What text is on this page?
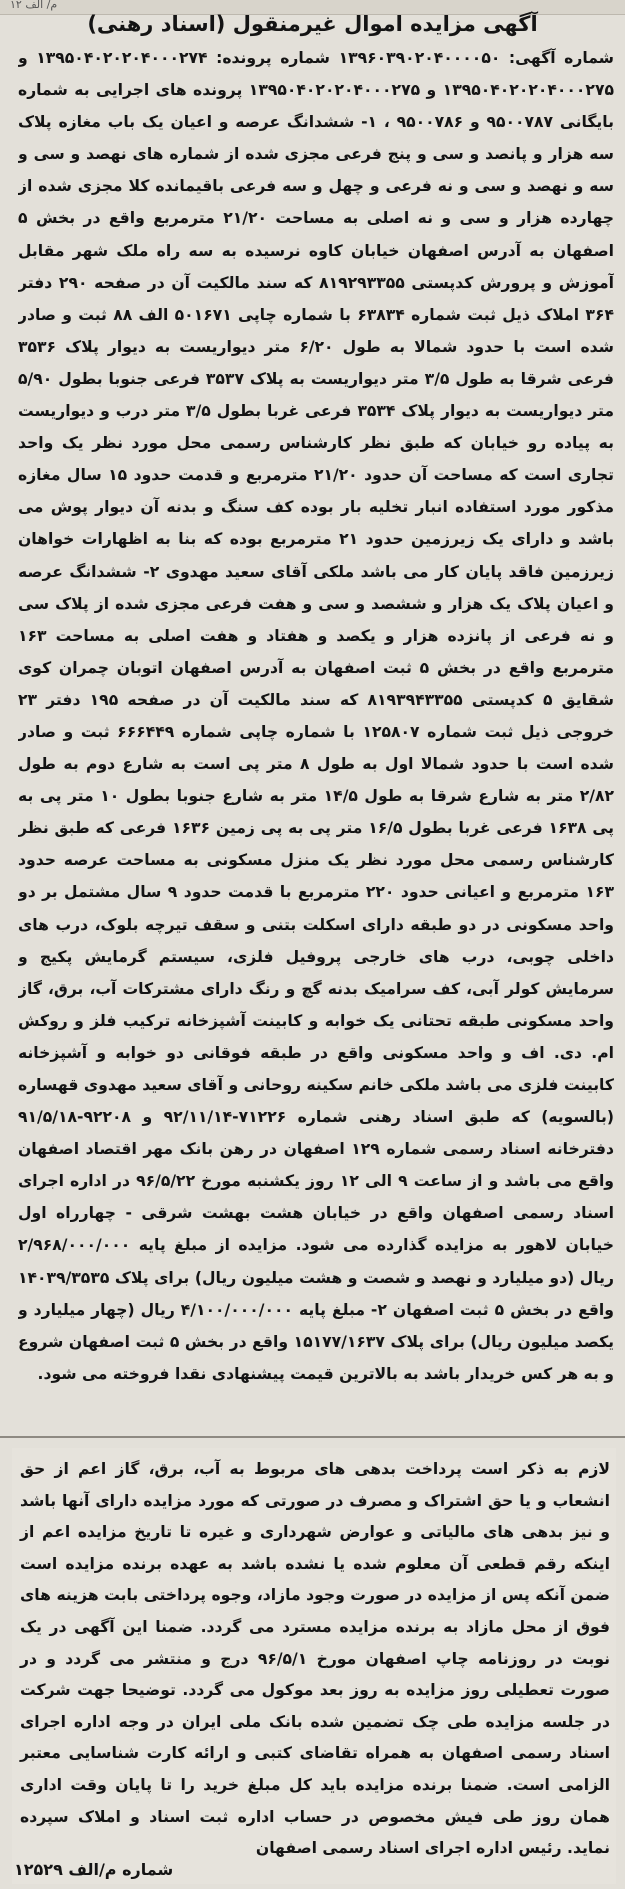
م/ الف ۱۲
آگهی مزایده اموال غیرمنقول (اسناد رهنی)

شماره آگهی: ۱۳۹۶۰۳۹۰۲۰۴۰۰۰۰۵۰ شماره پرونده: ۱۳۹۵۰۴۰۲۰۲۰۴۰۰۰۲۷۴ و ۱۳۹۵۰۴۰۲۰۲۰۴۰۰۰۲۷۵ و ۱۳۹۵۰۴۰۲۰۲۰۴۰۰۰۲۷۵ پرونده های اجرایی به شماره بایگانی ۹۵۰۰۷۸۷ و ۹۵۰۰۷۸۶ ، ۱- ششدانگ عرصه و اعیان یک باب مغازه پلاک سه هزار و پانصد و سی و پنج فرعی مجزی شده از شماره های نهصد و سی و سه و نهصد و سی و نه فرعی و چهل و سه فرعی باقیمانده کلا مجزی شده از چهارده هزار و سی و نه اصلی به مساحت ۲۱/۲۰ مترمربع واقع در بخش ۵ اصفهان به آدرس اصفهان خیابان کاوه نرسیده به سه راه ملک شهر مقابل آموزش و پرورش کدپستی ۸۱۹۲۹۳۳۵۵ که سند مالکیت آن در صفحه ۲۹۰ دفتر ۳۶۴ املاک ذیل ثبت شماره ۶۳۸۳۴ با شماره چاپی ۵۰۱۶۷۱ الف ۸۸ ثبت و صادر شده است با حدود شمالا به طول ۶/۲۰ متر دیواریست به دیوار پلاک ۳۵۳۶ فرعی شرقا به طول ۳/۵ متر دیواریست به پلاک ۳۵۳۷ فرعی جنوبا بطول ۵/۹۰ متر دیواریست به دیوار پلاک ۳۵۳۴ فرعی غربا بطول ۳/۵ متر درب و دیواریست به پیاده رو خیابان که طبق نظر کارشناس رسمی محل مورد نظر یک واحد تجاری است که مساحت آن حدود ۲۱/۲۰ مترمربع و قدمت حدود ۱۵ سال مغازه مذکور مورد استفاده انبار تخلیه بار بوده کف سنگ و بدنه آن دیوار پوش می باشد و دارای یک زیرزمین حدود ۲۱ مترمربع بوده که بنا به اظهارات خواهان زیرزمین فاقد پایان کار می باشد ملکی آقای سعید مهدوی ۲- ششدانگ عرصه و اعیان پلاک یک هزار و ششصد و سی و هفت فرعی مجزی شده از پلاک سی و نه فرعی از پانزده هزار و یکصد و هفتاد و هفت اصلی به مساحت ۱۶۳ مترمربع واقع در بخش ۵ ثبت اصفهان به آدرس اصفهان اتوبان چمران کوی شقایق ۵ کدپستی ۸۱۹۳۹۴۳۳۵۵ که سند مالکیت آن در صفحه ۱۹۵ دفتر ۲۳ خروجی ذیل ثبت شماره ۱۲۵۸۰۷ با شماره چاپی شماره ۶۶۶۴۴۹ ثبت و صادر شده است با حدود شمالا اول به طول ۸ متر پی است به شارع دوم به طول ۲/۸۲ متر به شارع شرقا به طول ۱۴/۵ متر به شارع جنوبا بطول ۱۰ متر پی به پی ۱۶۳۸ فرعی غربا بطول ۱۶/۵ متر پی به پی زمین ۱۶۳۶ فرعی که طبق نظر کارشناس رسمی محل مورد نظر یک منزل مسکونی به مساحت عرصه حدود ۱۶۳ مترمربع و اعیانی حدود ۲۲۰ مترمربع با قدمت حدود ۹ سال مشتمل بر دو واحد مسکونی در دو طبقه دارای اسکلت بتنی و سقف تیرچه بلوک، درب های داخلی چوبی، درب های خارجی پروفیل فلزی، سیستم گرمایش پکیج و سرمایش کولر آبی، کف سرامیک بدنه گچ و رنگ دارای مشترکات آب، برق، گاز واحد مسکونی طبقه تحتانی یک خوابه و کابینت آشپزخانه ترکیب فلز و روکش ام. دی. اف و واحد مسکونی واقع در طبقه فوقانی دو خوابه و آشپزخانه کابینت فلزی می باشد ملکی خانم سکینه روحانی و آقای سعید مهدوی قهساره (بالسویه) که طبق اسناد رهنی شماره ۷۱۲۲۶-۹۲/۱۱/۱۴ و ۹۲۲۰۸-۹۱/۵/۱۸ دفترخانه اسناد رسمی شماره ۱۲۹ اصفهان در رهن بانک مهر اقتصاد اصفهان واقع می باشد و از ساعت ۹ الی ۱۲ روز یکشنبه مورخ ۹۶/۵/۲۲ در اداره اجرای اسناد رسمی اصفهان واقع در خیابان هشت بهشت شرقی - چهارراه اول خیابان لاهور به مزایده گذارده می شود. مزایده از مبلغ پایه ۲/۹۶۸/۰۰۰/۰۰۰ ریال (دو میلیارد و نهصد و شصت و هشت میلیون ریال) برای پلاک ۱۴۰۳۹/۳۵۳۵ واقع در بخش ۵ ثبت اصفهان ۲- مبلغ پایه ۴/۱۰۰/۰۰۰/۰۰۰ ریال (چهار میلیارد و یکصد میلیون ریال) برای پلاک ۱۵۱۷۷/۱۶۳۷ واقع در بخش ۵ ثبت اصفهان شروع و به هر کس خریدار باشد به بالاترین قیمت پیشنهادی نقدا فروخته می شود.

لازم به ذکر است پرداخت بدهی های مربوط به آب، برق، گاز اعم از حق انشعاب و یا حق اشتراک و مصرف در صورتی که مورد مزایده دارای آنها باشد و نیز بدهی های مالیاتی و عوارض شهرداری و غیره تا تاریخ مزایده اعم از اینکه رقم قطعی آن معلوم شده یا نشده باشد به عهده برنده مزایده است ضمن آنکه پس از مزایده در صورت وجود مازاد، وجوه پرداختی بابت هزینه های فوق از محل مازاد به برنده مزایده مسترد می گردد. ضمنا این آگهی در یک نوبت در روزنامه چاپ اصفهان مورخ ۹۶/۵/۱ درج و منتشر می گردد و در صورت تعطیلی روز مزایده به روز بعد موکول می گردد. توضیحا جهت شرکت در جلسه مزایده طی چک تضمین شده بانک ملی ایران در وجه اداره اجرای اسناد رسمی اصفهان به همراه تقاضای کتبی و ارائه کارت شناسایی معتبر الزامی است. ضمنا برنده مزایده باید کل مبلغ خرید را تا پایان وقت اداری همان روز طی فیش مخصوص در حساب اداره ثبت اسناد و املاک سپرده نماید. رئیس اداره اجرای اسناد رسمی اصفهان

شماره م/الف ۱۲۵۲۹
